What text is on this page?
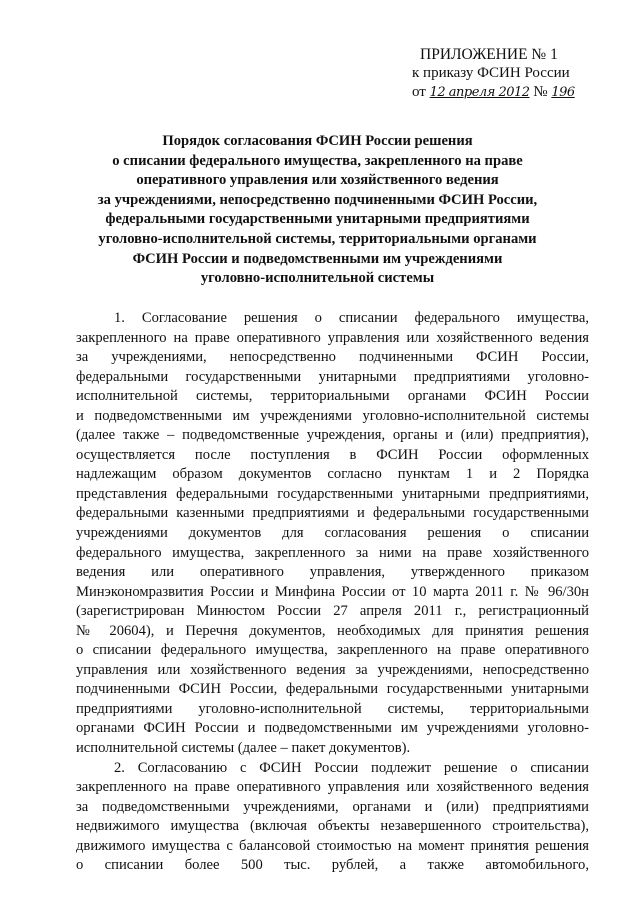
ПРИЛОЖЕНИЕ № 1
к приказу ФСИН России
от 12 апреля 2012 № 196
Порядок согласования ФСИН России решения
о списании федерального имущества, закрепленного на праве
оперативного управления или хозяйственного ведения
за учреждениями, непосредственно подчиненными ФСИН России,
федеральными государственными унитарными предприятиями
уголовно-исполнительной системы, территориальными органами
ФСИН России и подведомственными им учреждениями
уголовно-исполнительной системы
1. Согласование решения о списании федерального имущества,
закрепленного на праве оперативного управления или хозяйственного ведения
за учреждениями, непосредственно подчиненными ФСИН России,
федеральными государственными унитарными предприятиями уголовно-
исполнительной системы, территориальными органами ФСИН России
и подведомственными им учреждениями уголовно-исполнительной системы
(далее также – подведомственные учреждения, органы и (или) предприятия),
осуществляется после поступления в ФСИН России оформленных
надлежащим образом документов согласно пунктам 1 и 2 Порядка
представления федеральными государственными унитарными предприятиями,
федеральными казенными предприятиями и федеральными государственными
учреждениями документов для согласования решения о списании
федерального имущества, закрепленного за ними на праве хозяйственного
ведения или оперативного управления, утвержденного приказом
Минэкономразвития России и Минфина России от 10 марта 2011 г. № 96/30н
(зарегистрирован Минюстом России 27 апреля 2011 г., регистрационный
№ 20604), и Перечня документов, необходимых для принятия решения
о списании федерального имущества, закрепленного на праве оперативного
управления или хозяйственного ведения за учреждениями, непосредственно
подчиненными ФСИН России, федеральными государственными унитарными
предприятиями уголовно-исполнительной системы, территориальными
органами ФСИН России и подведомственными им учреждениями уголовно-
исполнительной системы (далее – пакет документов).
2. Согласованию с ФСИН России подлежит решение о списании
закрепленного на праве оперативного управления или хозяйственного ведения
за подведомственными учреждениями, органами и (или) предприятиями
недвижимого имущества (включая объекты незавершенного строительства),
движимого имущества с балансовой стоимостью на момент принятия решения
о списании более 500 тыс. рублей, а также автомобильного,
